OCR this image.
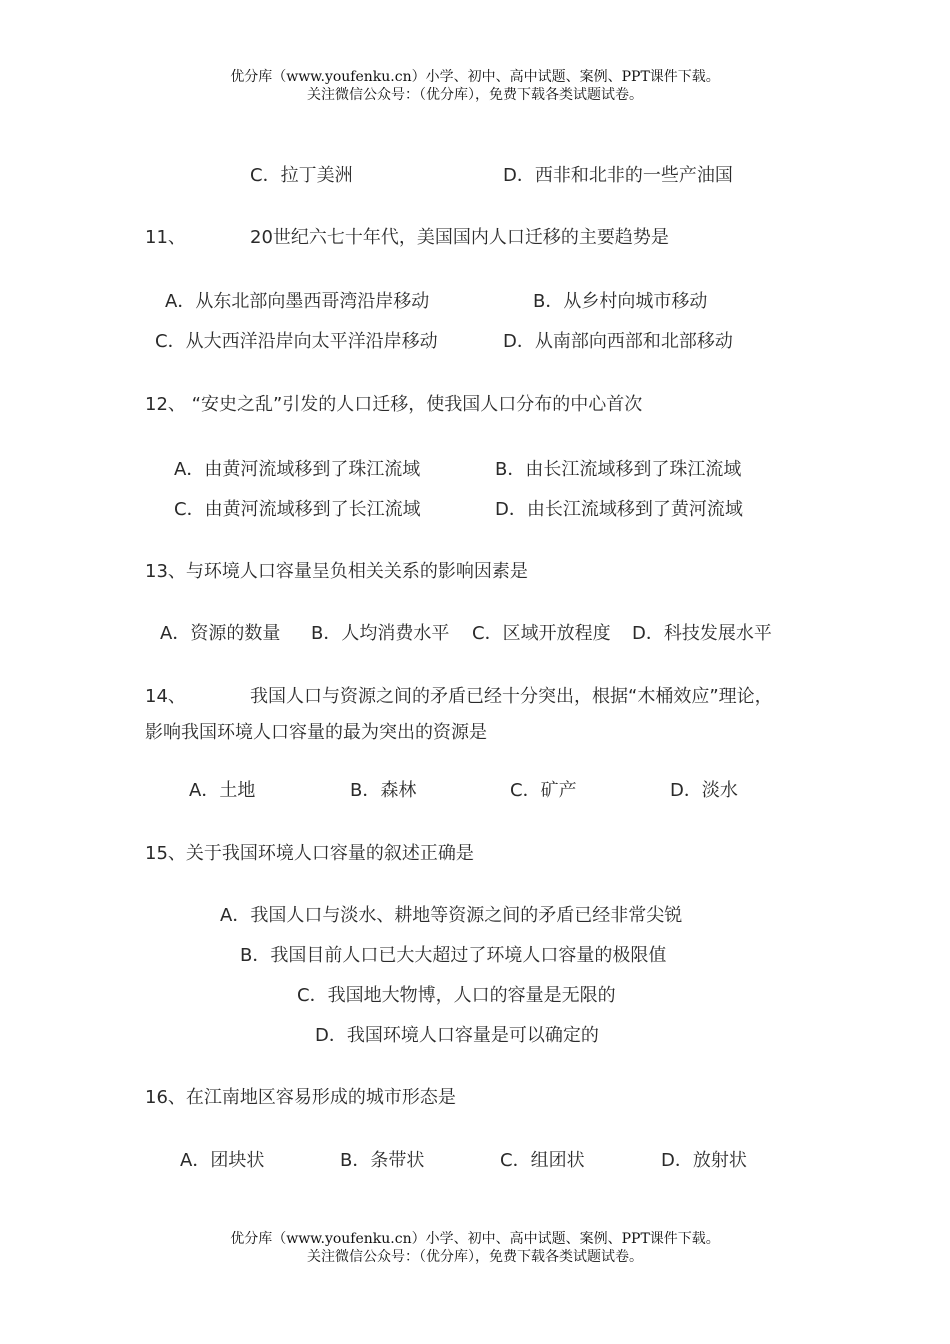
优分库（www.youfenku.cn）小学、初中、高中试题、案例、PPT课件下载。
关注微信公众号：（优分库），免费下载各类试题试卷。
C．拉丁美洲	D．西非和北非的一些产油国
11、	20世纪六七十年代，美国国内人口迁移的主要趋势是
A．从东北部向墨西哥湾沿岸移动	B．从乡村向城市移动
C．从大西洋沿岸向太平洋沿岸移动	D．从南部向西部和北部移动
12、 “安史之乱”引发的人口迁移，使我国人口分布的中心首次
A．由黄河流域移到了珠江流域	B．由长江流域移到了珠江流域
C．由黄河流域移到了长江流域	D．由长江流域移到了黄河流域
13、与环境人口容量呈负相关关系的影响因素是
A．资源的数量 B．人均消费水平 C．区域开放程度 D．科技发展水平
14、	我国人口与资源之间的矛盾已经十分突出，根据“木桶效应”理论，
影响我国环境人口容量的最为突出的资源是
A．土地	B．森林	C．矿产	D．淡水
15、关于我国环境人口容量的叙述正确是
A．我国人口与淡水、耕地等资源之间的矛盾已经非常尖锐
B．我国目前人口已大大超过了环境人口容量的极限值
C．我国地大物博，人口的容量是无限的
D．我国环境人口容量是可以确定的
16、在江南地区容易形成的城市形态是
A．团块状	B．条带状	C．组团状	D．放射状
优分库（www.youfenku.cn）小学、初中、高中试题、案例、PPT课件下载。
关注微信公众号：（优分库），免费下载各类试题试卷。
